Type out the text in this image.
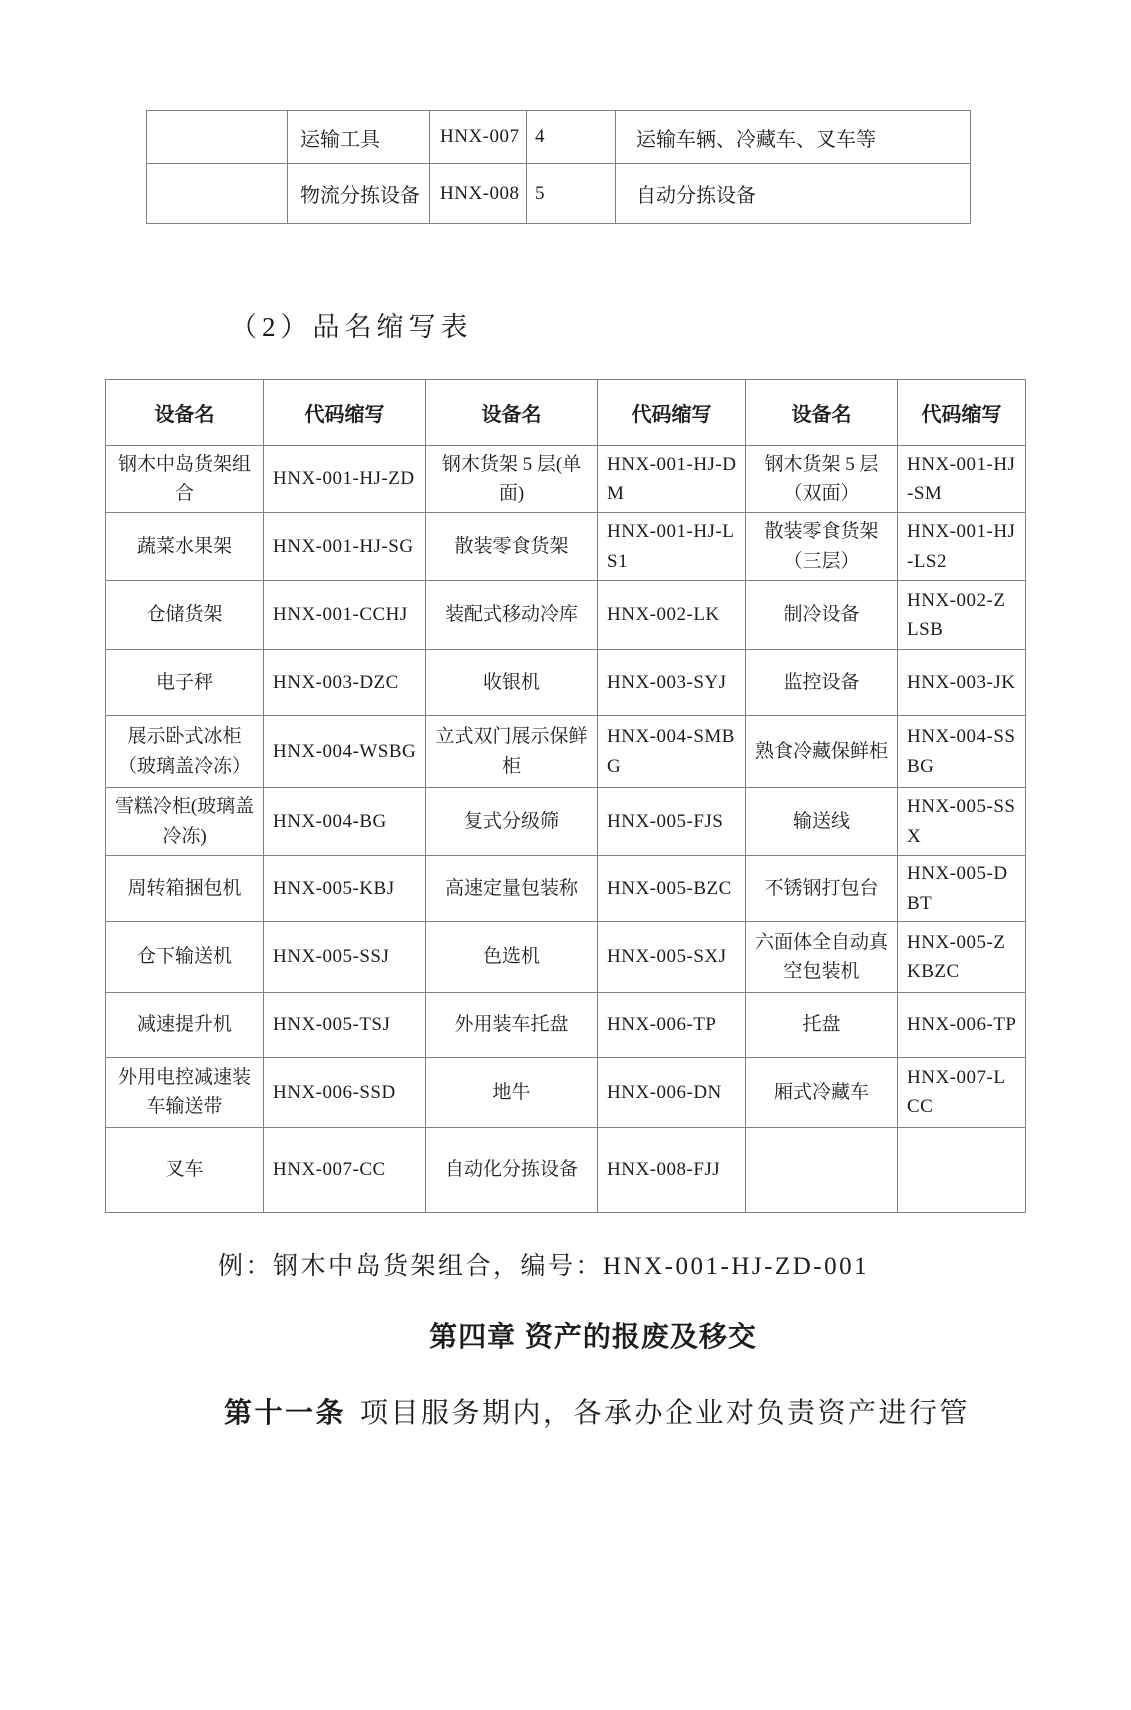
	运输工具	HNX-007	4	运输车辆、冷藏车、叉车等
	物流分拣设备	HNX-008	5	自动分拣设备
（2）品名缩写表
设备名	代码缩写	设备名	代码缩写	设备名	代码缩写
钢木中岛货架组合	HNX-001-HJ-ZD	钢木货架 5 层(单面)	HNX-001-HJ-DM	钢木货架 5 层（双面）	HNX-001-HJ-SM
蔬菜水果架	HNX-001-HJ-SG	散装零食货架	HNX-001-HJ-LS1	散装零食货架（三层）	HNX-001-HJ-LS2
仓储货架	HNX-001-CCHJ	装配式移动冷库	HNX-002-LK	制冷设备	HNX-002-ZLSB
电子秤	HNX-003-DZC	收银机	HNX-003-SYJ	监控设备	HNX-003-JK
展示卧式冰柜（玻璃盖冷冻）	HNX-004-WSBG	立式双门展示保鲜柜	HNX-004-SMBG	熟食冷藏保鲜柜	HNX-004-SSBG
雪糕冷柜(玻璃盖冷冻)	HNX-004-BG	复式分级筛	HNX-005-FJS	输送线	HNX-005-SSX
周转箱捆包机	HNX-005-KBJ	高速定量包装称	HNX-005-BZC	不锈钢打包台	HNX-005-DBT
仓下输送机	HNX-005-SSJ	色选机	HNX-005-SXJ	六面体全自动真空包装机	HNX-005-ZKBZC
减速提升机	HNX-005-TSJ	外用装车托盘	HNX-006-TP	托盘	HNX-006-TP
外用电控减速装车输送带	HNX-006-SSD	地牛	HNX-006-DN	厢式冷藏车	HNX-007-LCC
叉车	HNX-007-CC	自动化分拣设备	HNX-008-FJJ		
例：钢木中岛货架组合，编号：HNX-001-HJ-ZD-001
第四章 资产的报废及移交
第十一条 项目服务期内，各承办企业对负责资产进行管
